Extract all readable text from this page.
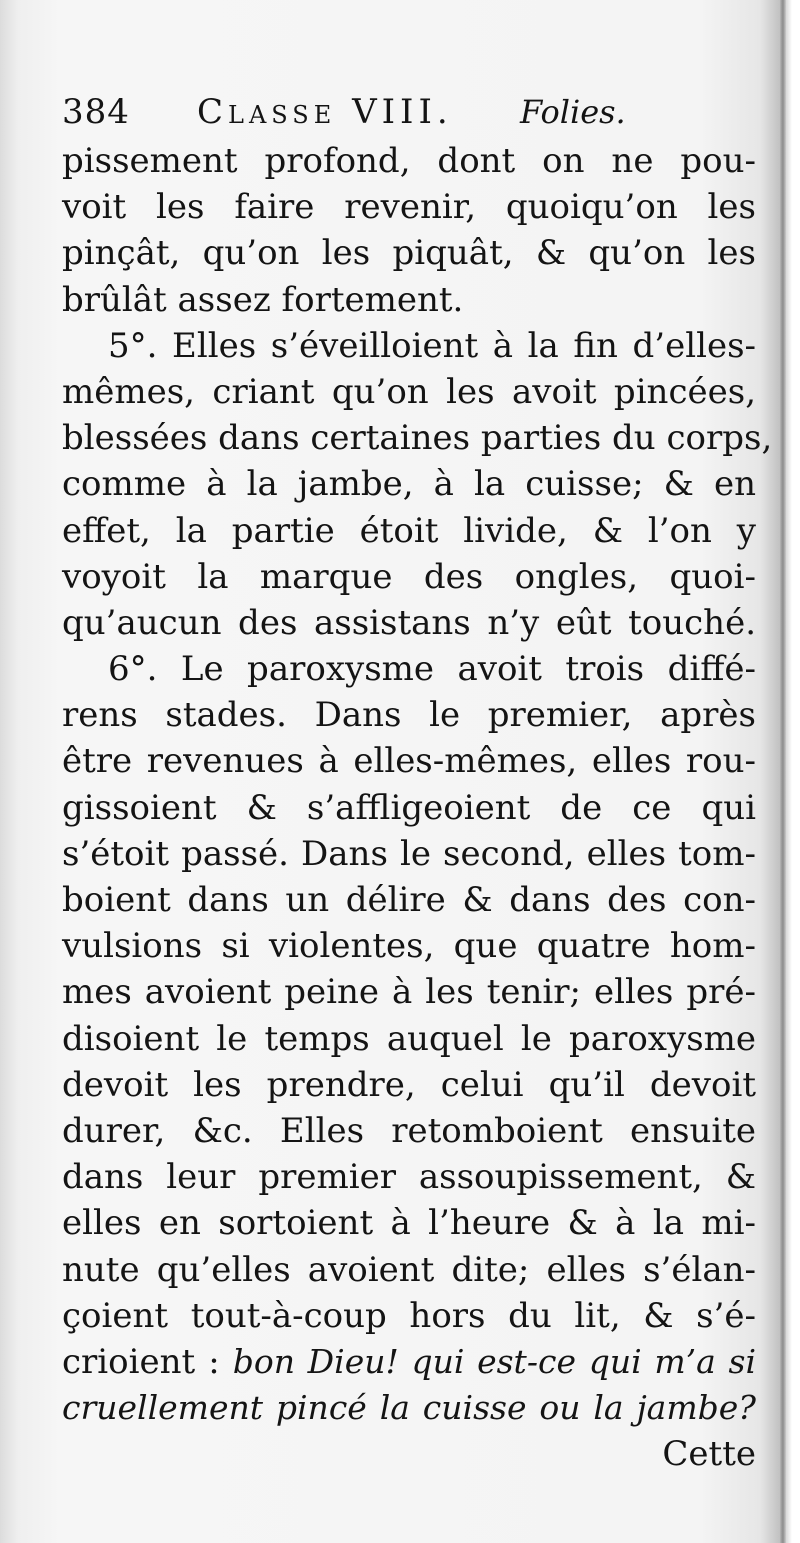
384 Classe VIII. Folies.
pissement profond, dont on ne pou-
voit les faire revenir, quoiqu’on les
pinçât, qu’on les piquât, & qu’on les
brûlât assez fortement.
5°. Elles s’éveilloient à la fin d’elles-
mêmes, criant qu’on les avoit pincées,
blessées dans certaines parties du corps,
comme à la jambe, à la cuisse; & en
effet, la partie étoit livide, & l’on y
voyoit la marque des ongles, quoi-
qu’aucun des assistans n’y eût touché.
6°. Le paroxysme avoit trois diffé-
rens stades. Dans le premier, après
être revenues à elles-mêmes, elles rou-
gissoient & s’affligeoient de ce qui
s’étoit passé. Dans le second, elles tom-
boient dans un délire & dans des con-
vulsions si violentes, que quatre hom-
mes avoient peine à les tenir; elles pré-
disoient le temps auquel le paroxysme
devoit les prendre, celui qu’il devoit
durer, &c. Elles retomboient ensuite
dans leur premier assoupissement, &
elles en sortoient à l’heure & à la mi-
nute qu’elles avoient dite; elles s’élan-
çoient tout-à-coup hors du lit, & s’é-
crioient : bon Dieu! qui est-ce qui m’a si
cruellement pincé la cuisse ou la jambe?
Cette
